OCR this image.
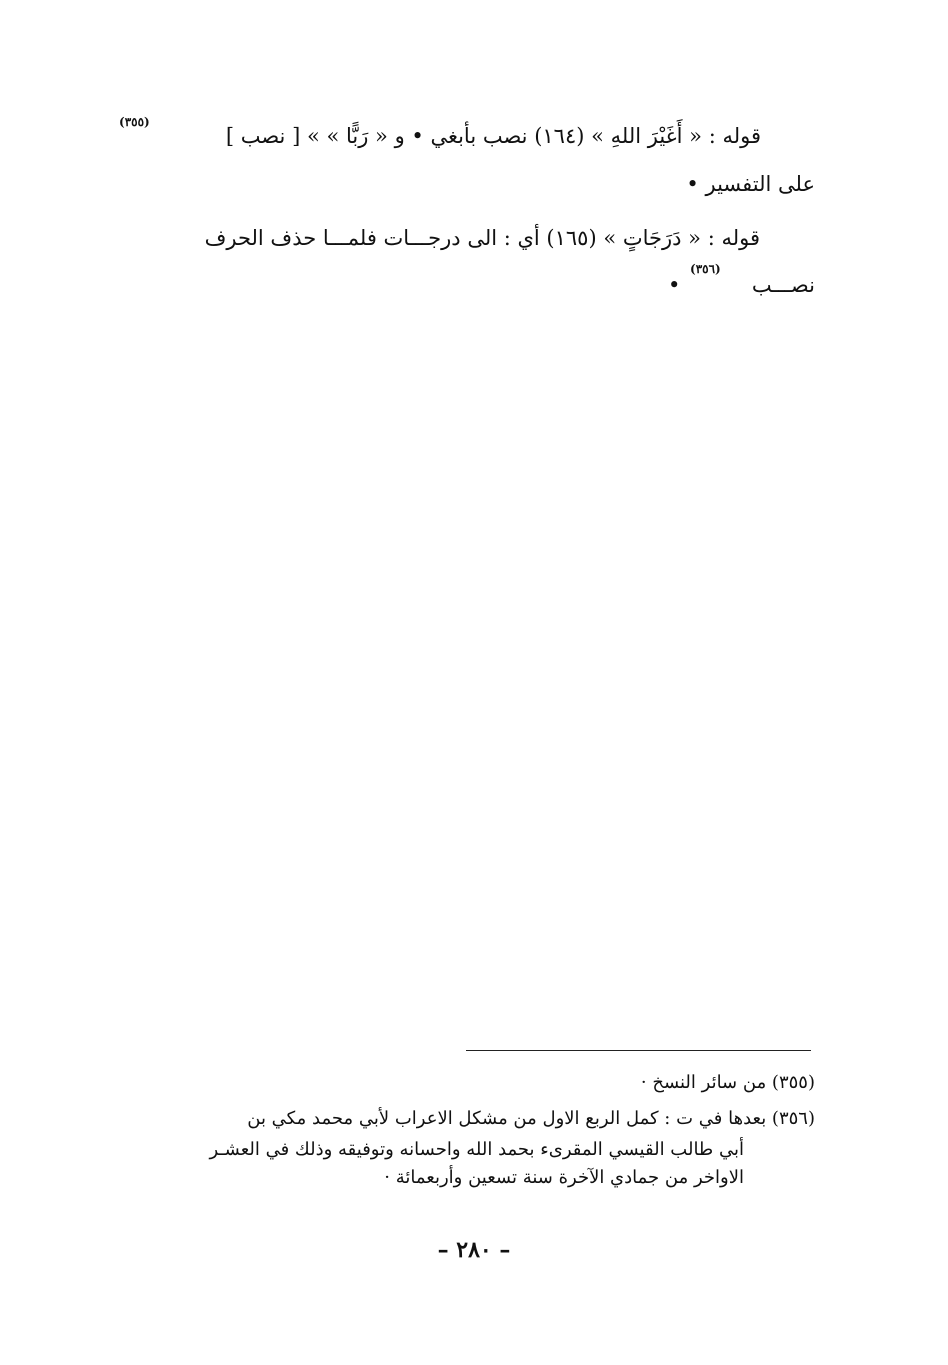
قوله : « أَغَيْرَ اللهِ » (١٦٤) نصب بأبغي • و « رَبًّا » » [ نصب ]
(٣٥٥)
على التفسير •
قوله : « دَرَجَاتٍ » (١٦٥) أي : الى درجـــات فلمـــا حذف الحرف
نصـــب
(٣٥٦)
•
(٣٥٥) من سائر النسخ ·
(٣٥٦) بعدها في ت : كمل الربع الاول من مشكل الاعراب لأبي محمد مكي بن
أبي طالب القيسي المقرىء بحمد الله واحسانه وتوفيقه وذلك في العشـر
الاواخر من جمادي الآخرة سنة تسعين وأربعمائة ·
– ٢٨٠ –
